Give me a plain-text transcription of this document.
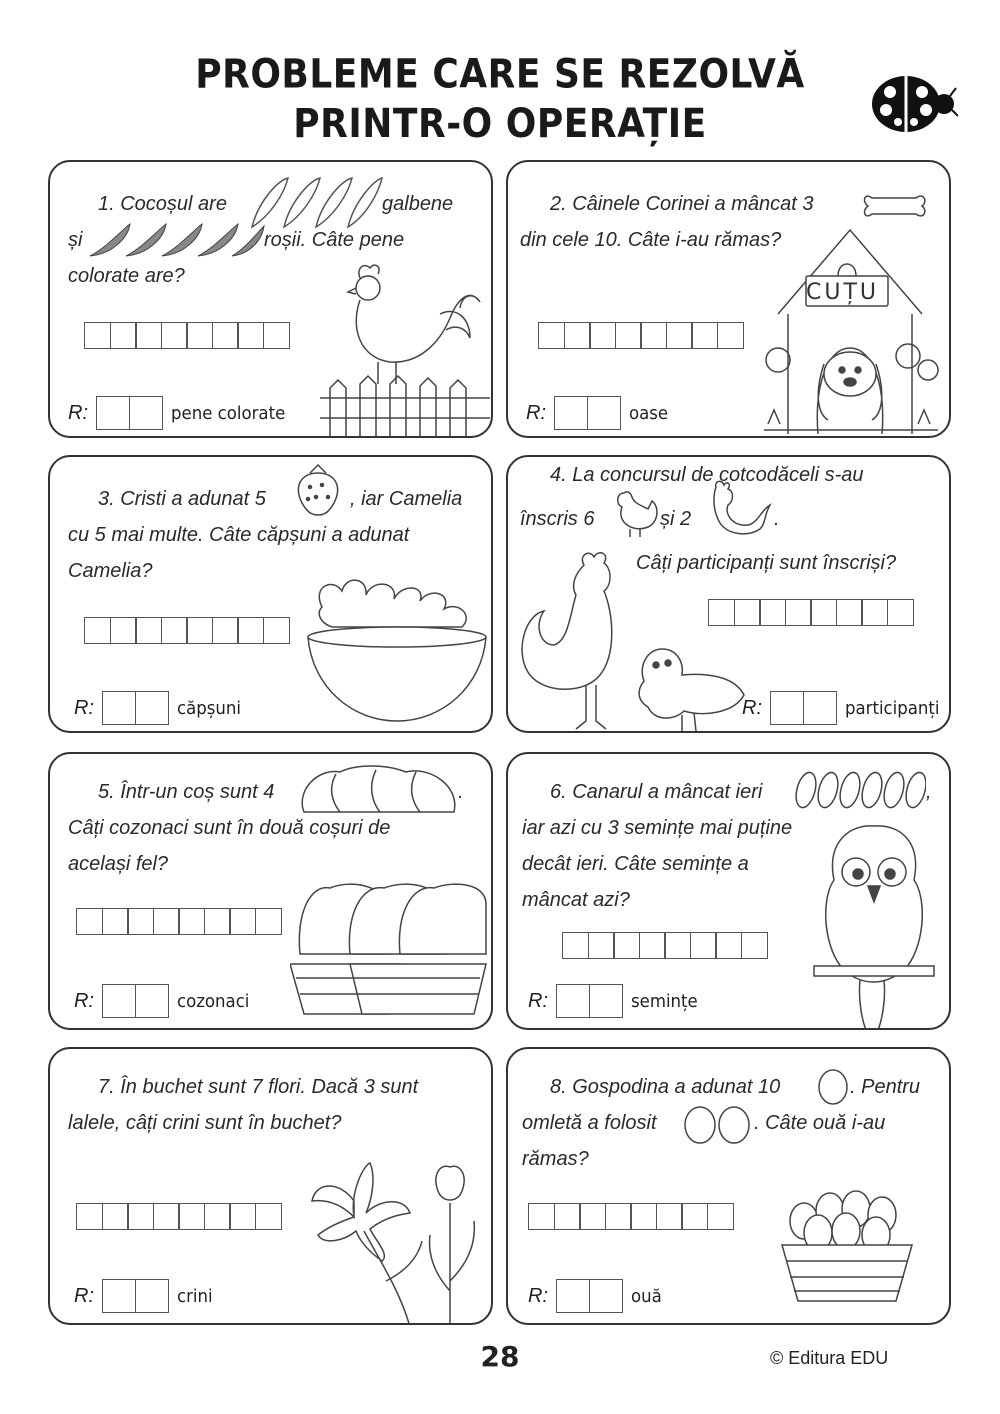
PROBLEME CARE SE REZOLVĂ
PRINTR-O OPERAȚIE
1. Cocoșul are	galbene
și	roșii. Câte pene
colorate are?
R:	pene colorate
2. Câinele Corinei a mâncat 3
din cele 10. Câte i-au rămas?
CUȚU
R:	oase
3. Cristi a adunat 5	, iar Camelia
cu 5 mai multe. Câte căpșuni a adunat
Camelia?
R:	căpșuni
4. La concursul de cotcodăceli s-au
înscris 6	și 2	.
Câți participanți sunt înscriși?
R:	participanți
5. Într-un coș sunt 4	.
Câți cozonaci sunt în două coșuri de
același fel?
R:	cozonaci
6. Canarul a mâncat ieri	,
iar azi cu 3 semințe mai puține
decât ieri. Câte semințe a
mâncat azi?
R:	semințe
7. În buchet sunt 7 flori. Dacă 3 sunt
lalele, câți crini sunt în buchet?
R:	crini
8. Gospodina a adunat 10	. Pentru
omletă a folosit	. Câte ouă i-au
rămas?
R:	ouă
28	© Editura EDU
